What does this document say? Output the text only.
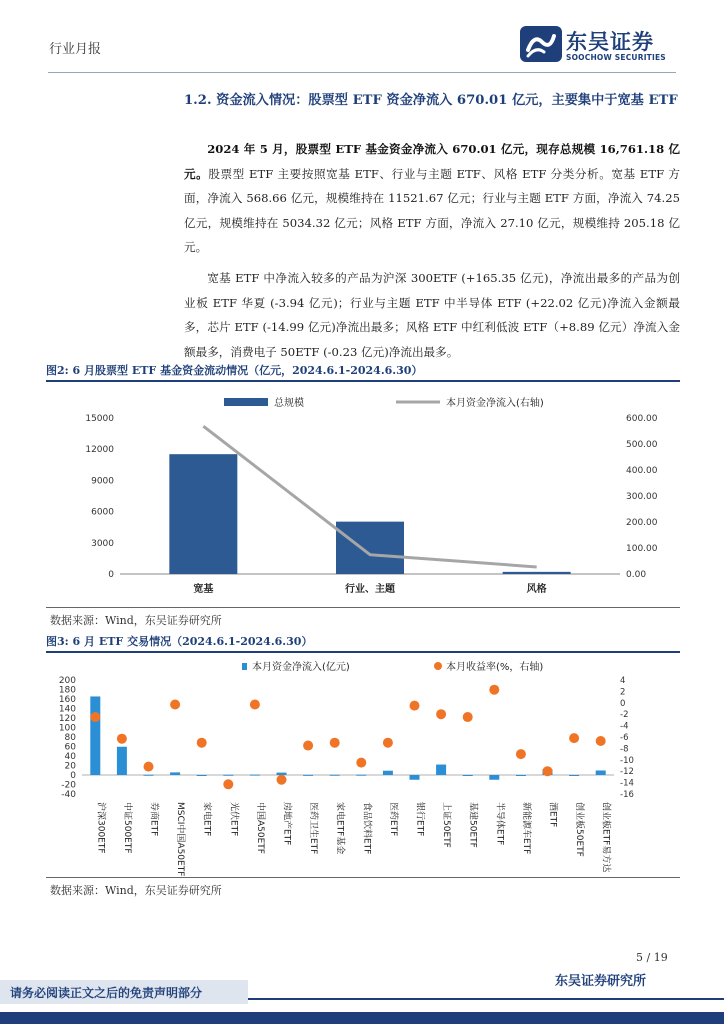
行业月报	东吴证券
SOOCHOW SECURITIES
1.2. 资金流入情况：股票型 ETF 资金净流入 670.01 亿元，主要集中于宽基 ETF
2024 年 5 月，股票型 ETF 基金资金净流入 670.01 亿元，现存总规模 16,761.18 亿元。股票型 ETF 主要按照宽基 ETF、行业与主题 ETF、风格 ETF 分类分析。宽基 ETF 方面，净流入 568.66 亿元，规模维持在 11521.67 亿元；行业与主题 ETF 方面，净流入 74.25 亿元，规模维持在 5034.32 亿元；风格 ETF 方面，净流入 27.10 亿元，规模维持 205.18 亿元。
宽基 ETF 中净流入较多的产品为沪深 300ETF (+165.35 亿元)，净流出最多的产品为创业板 ETF 华夏 (-3.94 亿元)；行业与主题 ETF 中半导体 ETF (+22.02 亿元)净流入金额最多，芯片 ETF (-14.99 亿元)净流出最多；风格 ETF 中红利低波 ETF（+8.89 亿元）净流入金额最多，消费电子 50ETF (-0.23 亿元)净流出最多。
图2: 6 月股票型 ETF 基金资金流动情况（亿元，2024.6.1-2024.6.30）
总规模	本月资金净流入(右轴)
0
3000
6000
9000
12000
15000
0.00
100.00
200.00
300.00
400.00
500.00
600.00
宽基	行业、主题	风格
数据来源：Wind，东吴证券研究所
图3: 6 月 ETF 交易情况（2024.6.1-2024.6.30）
本月资金净流入(亿元)	本月收益率(%，右轴)
-40
0
40
80
120
160
200
-20
20
60
100
140
180
-16
-14
-12
-10
-8
-6
-4
-2
0
2
4
沪深300ETF 中证500ETF 券商ETF MSCI中国A50ETF 家电ETF 光伏ETF 中国A50ETF 房地产ETF 医药卫生ETF 家电ETF基金 食品饮料ETF 医药ETF 银行ETF 上证50ETF 基建50ETF 半导体ETF 新能源车ETF 酒ETF 创业板50ETF 创业板ETF易方达
数据来源：Wind，东吴证券研究所
5 / 19
东吴证券研究所
请务必阅读正文之后的免责声明部分
